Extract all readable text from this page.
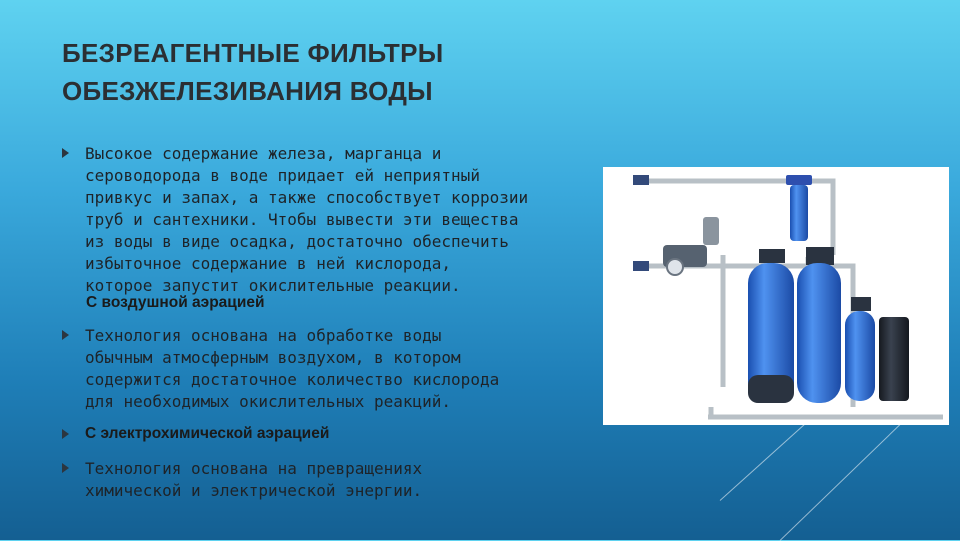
БЕЗРЕАГЕНТНЫЕ ФИЛЬТРЫ ОБЕЗЖЕЛЕЗИВАНИЯ ВОДЫ
Высокое содержание железа, марганца и
сероводорода в воде придает ей неприятный
привкус и запах, а также способствует коррозии
труб и сантехники. Чтобы вывести эти вещества
из воды в виде осадка, достаточно обеспечить
избыточное содержание в ней кислорода,
которое запустит окислительные реакции.
С воздушной аэрацией
Технология основана на обработке воды
обычным атмосферным воздухом, в котором
содержится достаточное количество кислорода
для необходимых окислительных реакций.
С электрохимической аэрацией
Технология основана на превращениях
химической и электрической энергии.
